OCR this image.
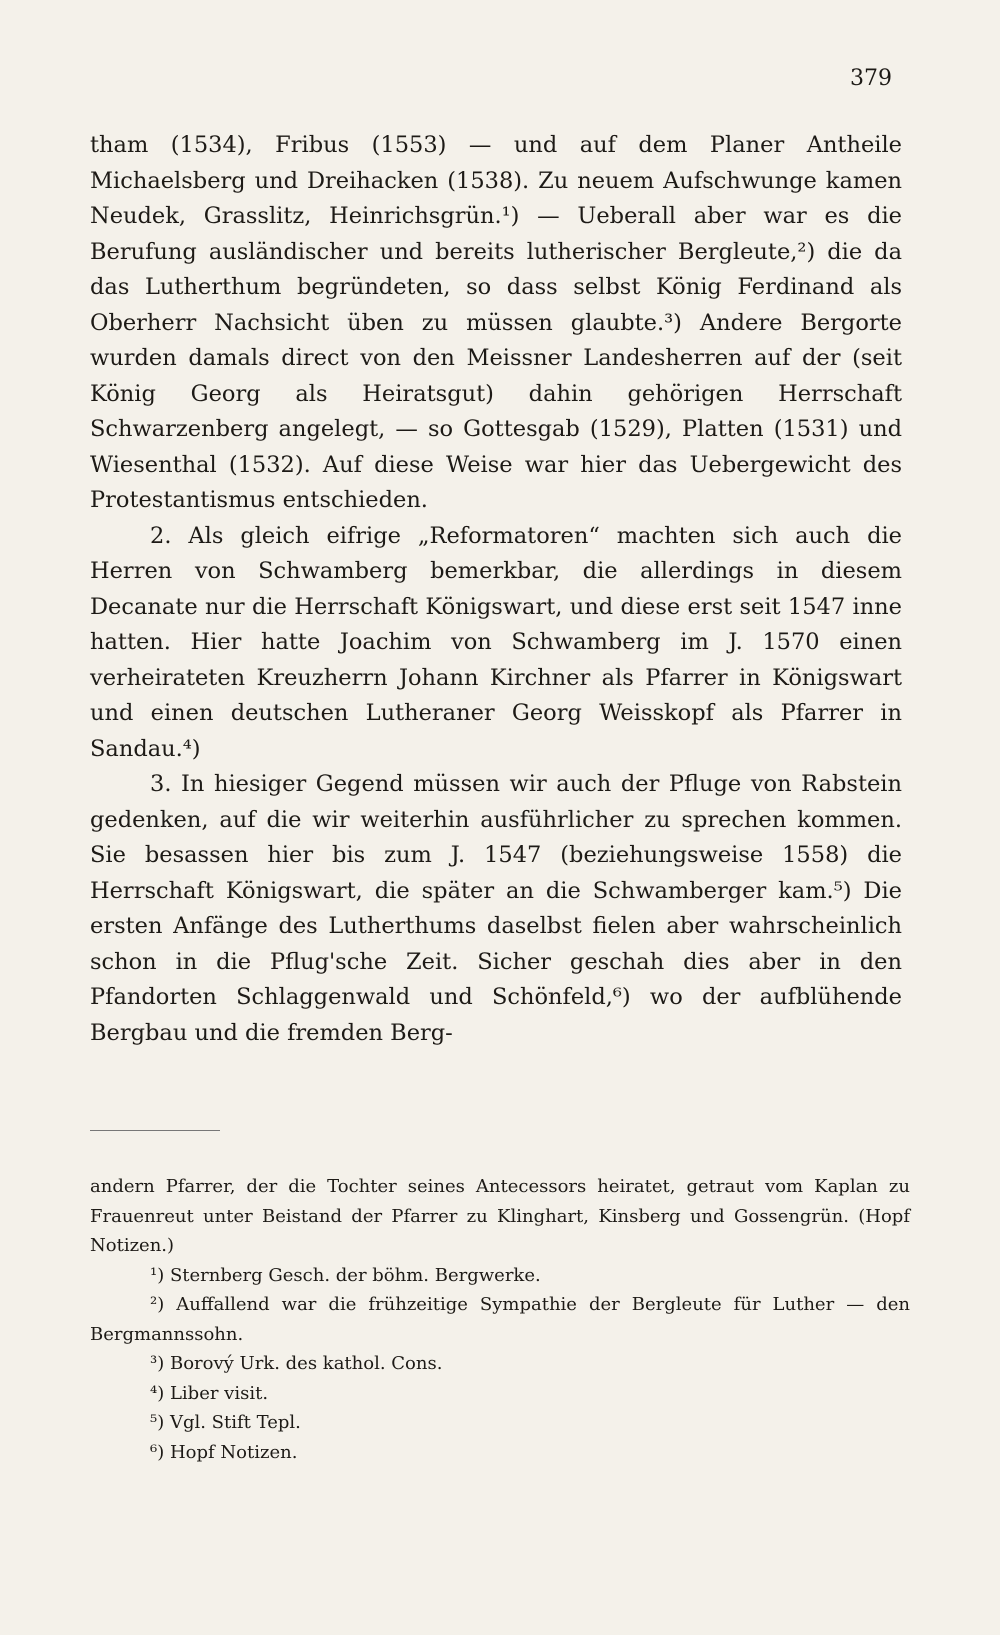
379

tham (1534), Fribus (1553) — und auf dem Planer Antheile Michaelsberg und Dreihacken (1538). Zu neuem Aufschwunge kamen Neudek, Grasslitz, Heinrichsgrün.¹) — Ueberall aber war es die Berufung ausländischer und bereits lutherischer Bergleute,²) die da das Lutherthum begründeten, so dass selbst König Ferdinand als Oberherr Nachsicht üben zu müssen glaubte.³) Andere Bergorte wurden damals direct von den Meissner Landesherren auf der (seit König Georg als Heiratsgut) dahin gehörigen Herrschaft Schwarzenberg angelegt, — so Gottesgab (1529), Platten (1531) und Wiesenthal (1532). Auf diese Weise war hier das Uebergewicht des Protestantismus entschieden.

2. Als gleich eifrige „Reformatoren“ machten sich auch die Herren von Schwamberg bemerkbar, die allerdings in diesem Decanate nur die Herrschaft Königswart, und diese erst seit 1547 inne hatten. Hier hatte Joachim von Schwamberg im J. 1570 einen verheirateten Kreuzherrn Johann Kirchner als Pfarrer in Königswart und einen deutschen Lutheraner Georg Weisskopf als Pfarrer in Sandau.⁴)

3. In hiesiger Gegend müssen wir auch der Pfluge von Rabstein gedenken, auf die wir weiterhin ausführlicher zu sprechen kommen. Sie besassen hier bis zum J. 1547 (beziehungsweise 1558) die Herrschaft Königswart, die später an die Schwamberger kam.⁵) Die ersten Anfänge des Lutherthums daselbst fielen aber wahrscheinlich schon in die Pflug'sche Zeit. Sicher geschah dies aber in den Pfandorten Schlaggenwald und Schönfeld,⁶) wo der aufblühende Bergbau und die fremden Berg-

andern Pfarrer, der die Tochter seines Antecessors heiratet, getraut vom Kaplan zu Frauenreut unter Beistand der Pfarrer zu Klinghart, Kinsberg und Gossengrün. (Hopf Notizen.)

¹) Sternberg Gesch. der böhm. Bergwerke.

²) Auffallend war die frühzeitige Sympathie der Bergleute für Luther — den Bergmannssohn.

³) Borový Urk. des kathol. Cons.

⁴) Liber visit.

⁵) Vgl. Stift Tepl.

⁶) Hopf Notizen.
